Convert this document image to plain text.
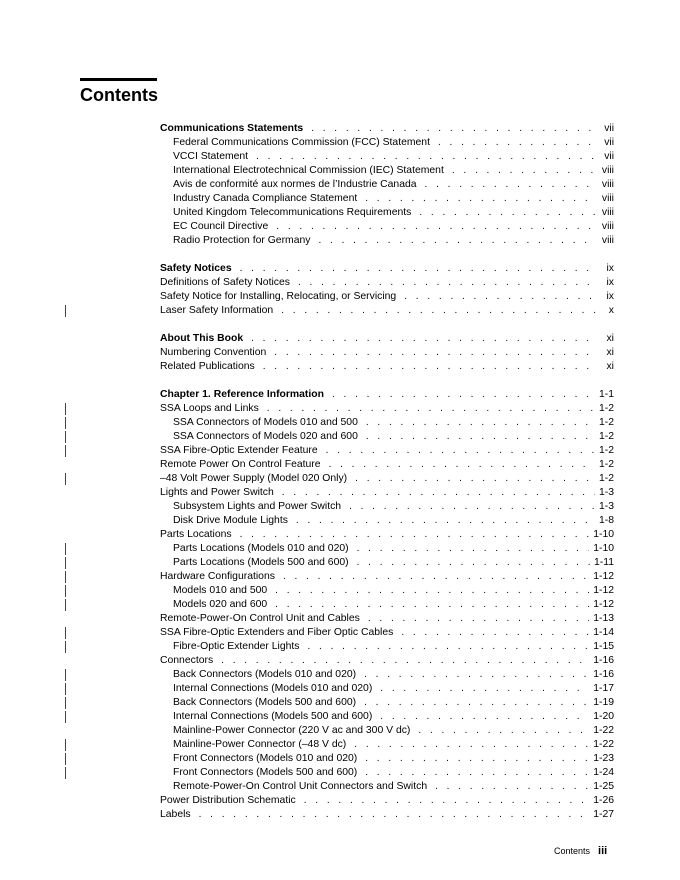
Contents
Communications Statements . . .	vii
Federal Communications Commission (FCC) Statement . . .	vii
VCCI Statement . . .	vii
International Electrotechnical Commission (IEC) Statement . . .	viii
Avis de conformité aux normes de l’Industrie Canada . . .	viii
Industry Canada Compliance Statement . . .	viii
United Kingdom Telecommunications Requirements . . .	viii
EC Council Directive . . .	viii
Radio Protection for Germany . . .	viii
Safety Notices . . .	ix
Definitions of Safety Notices . . .	ix
Safety Notice for Installing, Relocating, or Servicing . . .	ix
Laser Safety Information . . .	x
About This Book . . .	xi
Numbering Convention . . .	xi
Related Publications . . .	xi
Chapter 1. Reference Information . . .	1-1
SSA Loops and Links . . .	1-2
SSA Connectors of Models 010 and 500 . . .	1-2
SSA Connectors of Models 020 and 600 . . .	1-2
SSA Fibre-Optic Extender Feature . . .	1-2
Remote Power On Control Feature . . .	1-2
–48 Volt Power Supply (Model 020 Only) . . .	1-2
Lights and Power Switch . . .	1-3
Subsystem Lights and Power Switch . . .	1-3
Disk Drive Module Lights . . .	1-8
Parts Locations . . .	1-10
Parts Locations (Models 010 and 020) . . .	1-10
Parts Locations (Models 500 and 600) . . .	1-11
Hardware Configurations . . .	1-12
Models 010 and 500 . . .	1-12
Models 020 and 600 . . .	1-12
Remote-Power-On Control Unit and Cables . . .	1-13
SSA Fibre-Optic Extenders and Fiber Optic Cables . . .	1-14
Fibre-Optic Extender Lights . . .	1-15
Connectors . . .	1-16
Back Connectors (Models 010 and 020) . . .	1-16
Internal Connections (Models 010 and 020) . . .	1-17
Back Connectors (Models 500 and 600) . . .	1-19
Internal Connections (Models 500 and 600) . . .	1-20
Mainline-Power Connector (220 V ac and 300 V dc) . . .	1-22
Mainline-Power Connector (–48 V dc) . . .	1-22
Front Connectors (Models 010 and 020) . . .	1-23
Front Connectors (Models 500 and 600) . . .	1-24
Remote-Power-On Control Unit Connectors and Switch . . .	1-25
Power Distribution Schematic . . .	1-26
Labels . . .	1-27
Contents iii
